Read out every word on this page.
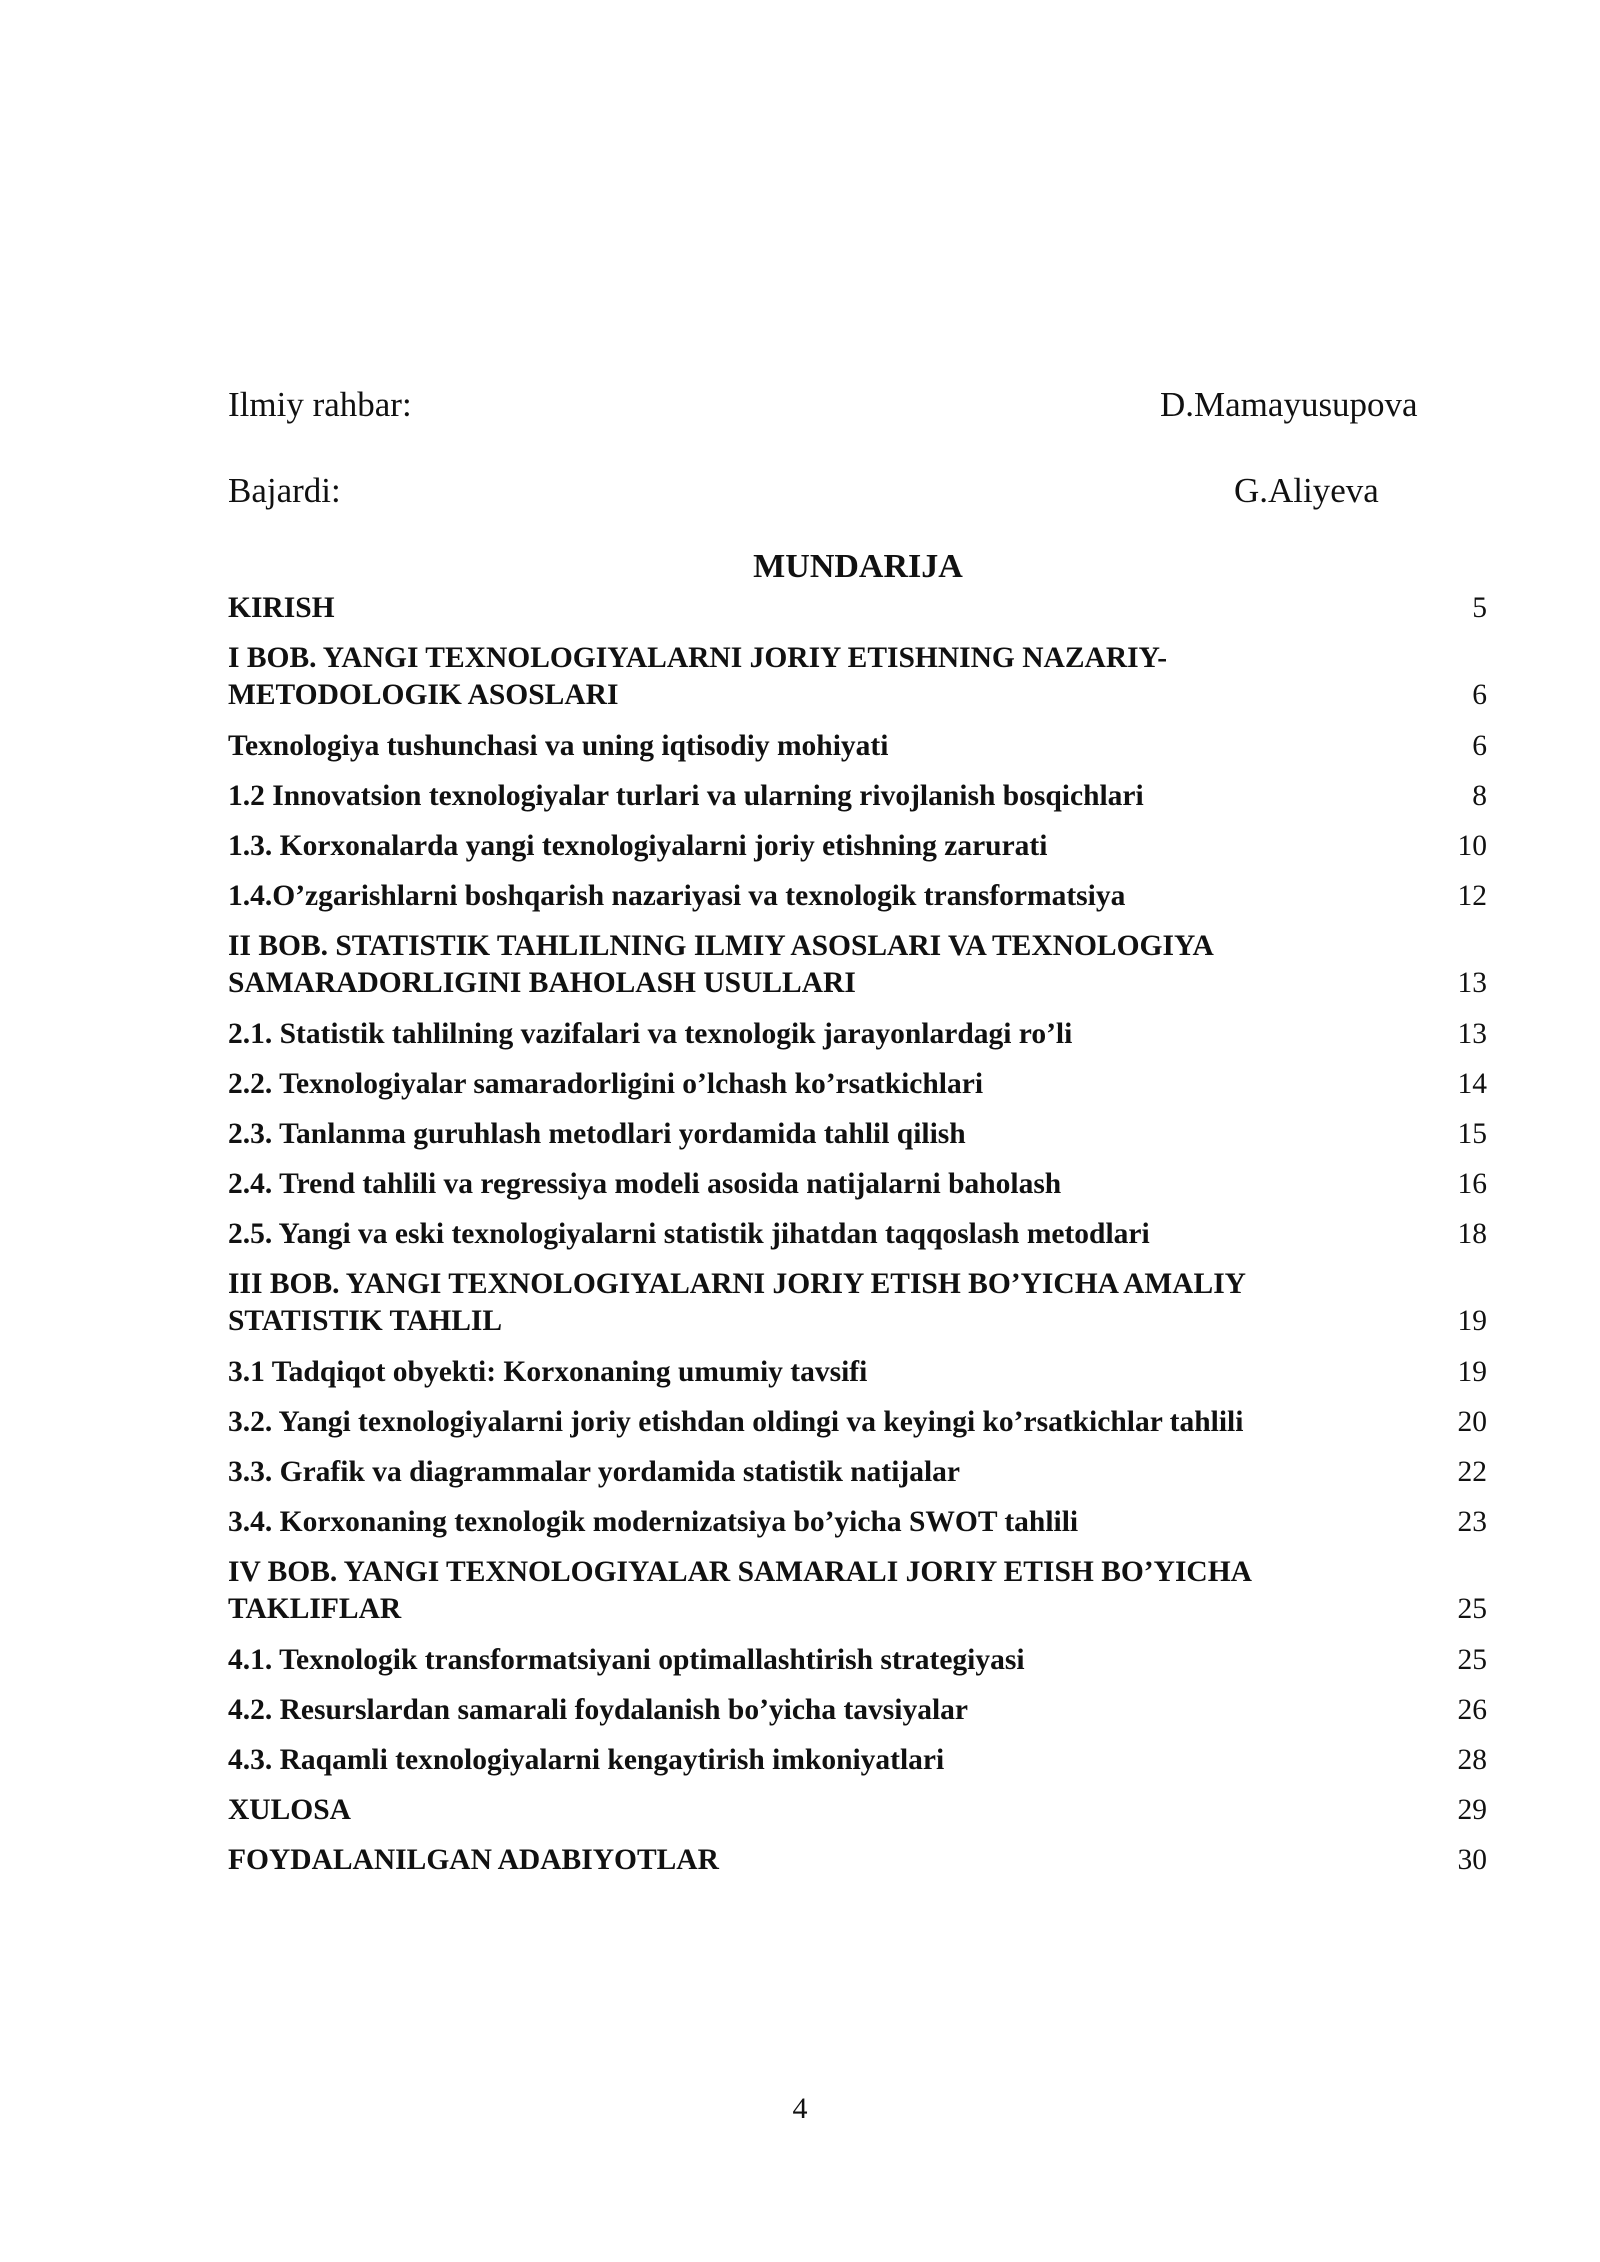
Ilmiy rahbar:	D.Mamayusupova
Bajardi:	G.Aliyeva
MUNDARIJA
KIRISH	5
I BOB. YANGI TEXNOLOGIYALARNI JORIY ETISHNING NAZARIY-
METODOLOGIK ASOSLARI	6
Texnologiya tushunchasi va uning iqtisodiy mohiyati	6
1.2 Innovatsion texnologiyalar turlari va ularning rivojlanish bosqichlari	8
1.3. Korxonalarda yangi texnologiyalarni joriy etishning zarurati	10
1.4.O’zgarishlarni boshqarish nazariyasi va texnologik transformatsiya	12
II BOB. STATISTIK TAHLILNING ILMIY ASOSLARI VA TEXNOLOGIYA
SAMARADORLIGINI BAHOLASH USULLARI	13
2.1. Statistik tahlilning vazifalari va texnologik jarayonlardagi ro’li	13
2.2. Texnologiyalar samaradorligini o’lchash ko’rsatkichlari	14
2.3. Tanlanma guruhlash metodlari yordamida tahlil qilish	15
2.4. Trend tahlili va regressiya modeli asosida natijalarni baholash	16
2.5. Yangi va eski texnologiyalarni statistik jihatdan taqqoslash metodlari	18
III BOB. YANGI TEXNOLOGIYALARNI JORIY ETISH BO’YICHA AMALIY
STATISTIK TAHLIL	19
3.1 Tadqiqot obyekti: Korxonaning umumiy tavsifi	19
3.2. Yangi texnologiyalarni joriy etishdan oldingi va keyingi ko’rsatkichlar tahlili	20
3.3. Grafik va diagrammalar yordamida statistik natijalar	22
3.4. Korxonaning texnologik modernizatsiya bo’yicha SWOT tahlili	23
IV BOB. YANGI TEXNOLOGIYALAR SAMARALI JORIY ETISH BO’YICHA
TAKLIFLAR	25
4.1. Texnologik transformatsiyani optimallashtirish strategiyasi	25
4.2. Resurslardan samarali foydalanish bo’yicha tavsiyalar	26
4.3. Raqamli texnologiyalarni kengaytirish imkoniyatlari	28
XULOSA	29
FOYDALANILGAN ADABIYOTLAR	30
4
